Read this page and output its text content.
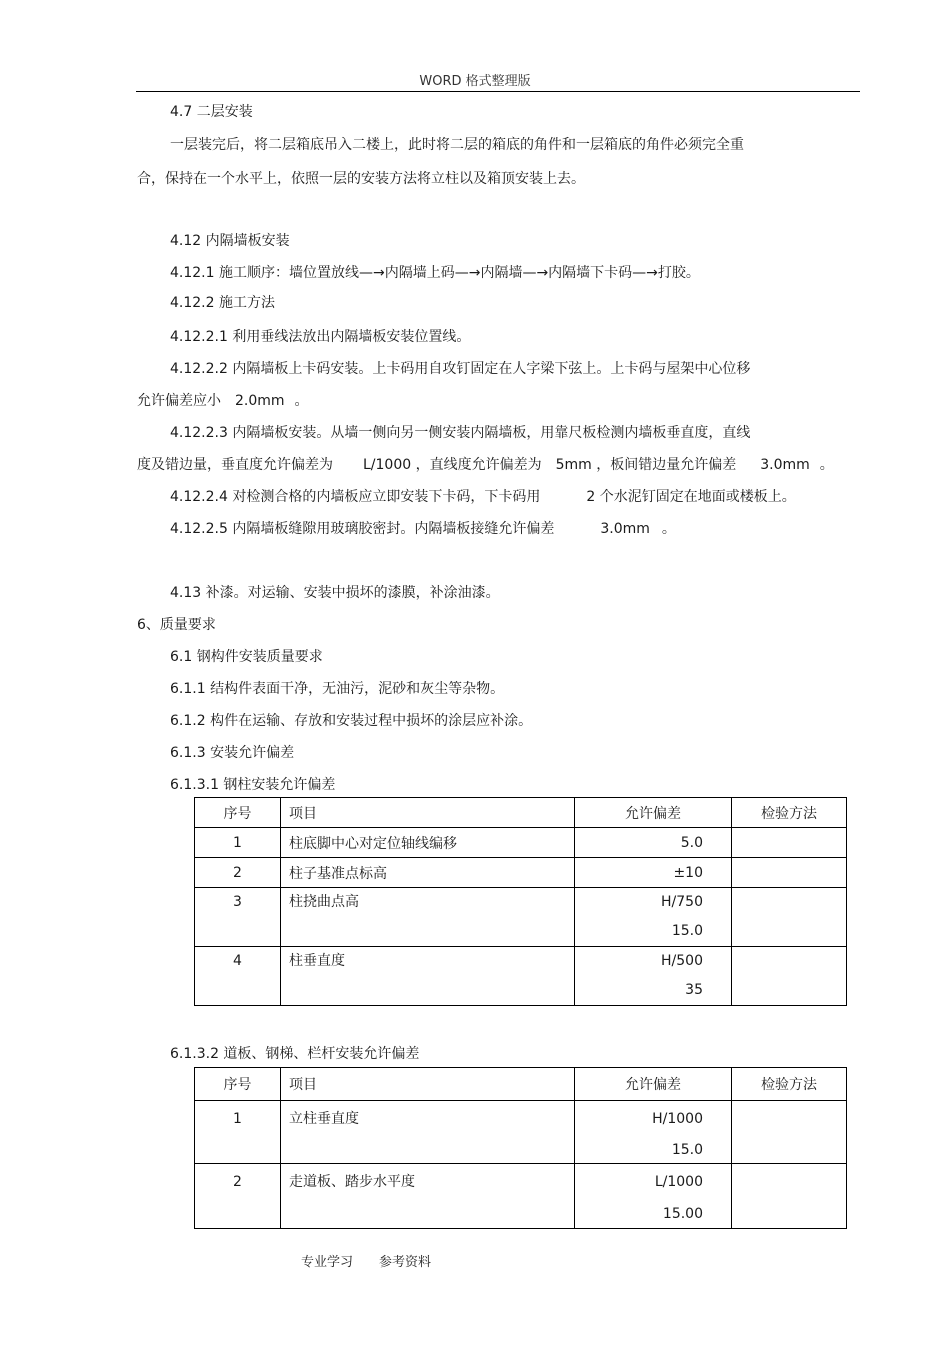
WORD 格式整理版
4.7 二层安装
一层装完后，将二层箱底吊入二楼上，此时将二层的箱底的角件和一层箱底的角件必须完全重
合，保持在一个水平上，依照一层的安装方法将立柱以及箱顶安装上去。
4.12 内隔墙板安装
4.12.1 施工顺序：墙位置放线—→内隔墙上码—→内隔墙—→内隔墙下卡码—→打胶。
4.12.2 施工方法
4.12.2.1 利用垂线法放出内隔墙板安装位置线。
4.12.2.2 内隔墙板上卡码安装。上卡码用自攻钉固定在人字梁下弦上。上卡码与屋架中心位移
允许偏差应小 2.0mm 。
4.12.2.3 内隔墙板安装。从墙一侧向另一侧安装内隔墙板，用靠尺板检测内墙板垂直度，直线
度及错边量，垂直度允许偏差为 L/1000 ，直线度允许偏差为 5mm ，板间错边量允许偏差 3.0mm 。
4.12.2.4 对检测合格的内墙板应立即安装下卡码，下卡码用	2 个水泥钉固定在地面或楼板上。
4.12.2.5 内隔墙板缝隙用玻璃胶密封。内隔墙板接缝允许偏差	3.0mm 。
4.13 补漆。对运输、安装中损坏的漆膜，补涂油漆。
6、质量要求
6.1 钢构件安装质量要求
6.1.1 结构件表面干净，无油污，泥砂和灰尘等杂物。
6.1.2 构件在运输、存放和安装过程中损坏的涂层应补涂。
6.1.3 安装允许偏差
6.1.3.1 钢柱安装允许偏差
序号	项目	允许偏差	检验方法
1	柱底脚中心对定位轴线编移	5.0	
2	柱子基准点标高	±10	

3	柱挠曲点高	H/750
15.0	

4	柱垂直度	H/500
35	

6.1.3.2 道板、钢梯、栏杆安装允许偏差
序号	项目	允许偏差	检验方法

1	立柱垂直度	H/1000
15.0	

2	走道板、踏步水平度	L/1000
15.00	

专业学习 参考资料
